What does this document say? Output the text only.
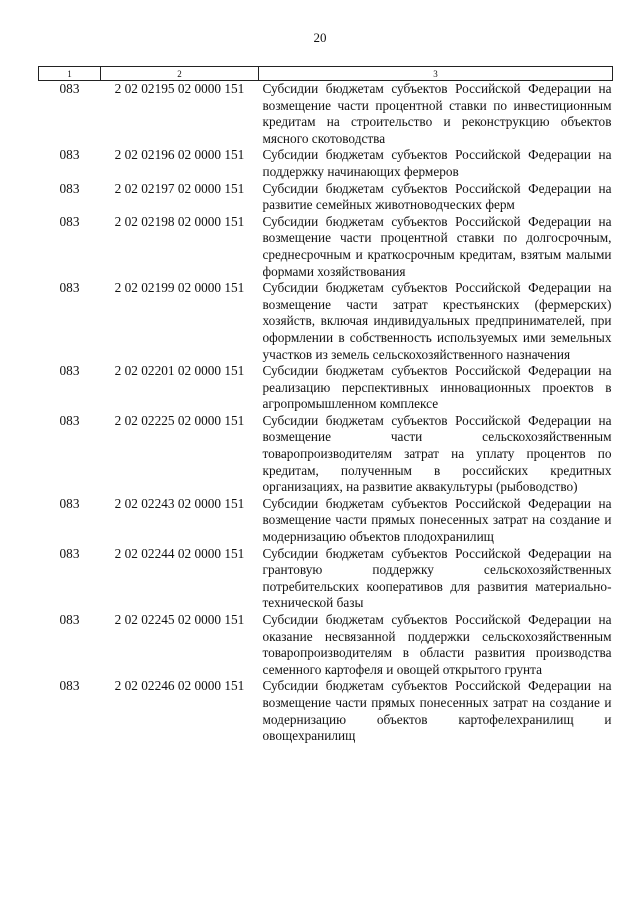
20
1	2	3
083	2 02 02195 02 0000 151	Субсидии бюджетам субъектов Российской Федерации на возмещение части процентной ставки по инвестиционным кредитам на строительство и реконструкцию объектов мясного скотоводства
083	2 02 02196 02 0000 151	Субсидии бюджетам субъектов Российской Федерации на поддержку начинающих фермеров
083	2 02 02197 02 0000 151	Субсидии бюджетам субъектов Российской Федерации на развитие семейных животноводческих ферм
083	2 02 02198 02 0000 151	Субсидии бюджетам субъектов Российской Федерации на возмещение части процентной ставки по долгосрочным, среднесрочным и краткосрочным кредитам, взятым малыми формами хозяйствования
083	2 02 02199 02 0000 151	Субсидии бюджетам субъектов Российской Федерации на возмещение части затрат крестьянских (фермерских) хозяйств, включая индивидуальных предпринимателей, при оформлении в собственность используемых ими земельных участков из земель сельскохозяйственного назначения
083	2 02 02201 02 0000 151	Субсидии бюджетам субъектов Российской Федерации на реализацию перспективных инновационных проектов в агропромышленном комплексе
083	2 02 02225 02 0000 151	Субсидии бюджетам субъектов Российской Федерации на возмещение части сельскохозяйственным товаропроизводителям затрат на уплату процентов по кредитам, полученным в российских кредитных организациях, на развитие аквакультуры (рыбоводство)
083	2 02 02243 02 0000 151	Субсидии бюджетам субъектов Российской Федерации на возмещение части прямых понесенных затрат на создание и модернизацию объектов плодохранилищ
083	2 02 02244 02 0000 151	Субсидии бюджетам субъектов Российской Федерации на грантовую поддержку сельскохозяйственных потребительских кооперативов для развития материально-технической базы
083	2 02 02245 02 0000 151	Субсидии бюджетам субъектов Российской Федерации на оказание несвязанной поддержки сельскохозяйственным товаропроизводителям в области развития производства семенного картофеля и овощей открытого грунта
083	2 02 02246 02 0000 151	Субсидии бюджетам субъектов Российской Федерации на возмещение части прямых понесенных затрат на создание и модернизацию объектов картофелехранилищ и овощехранилищ
